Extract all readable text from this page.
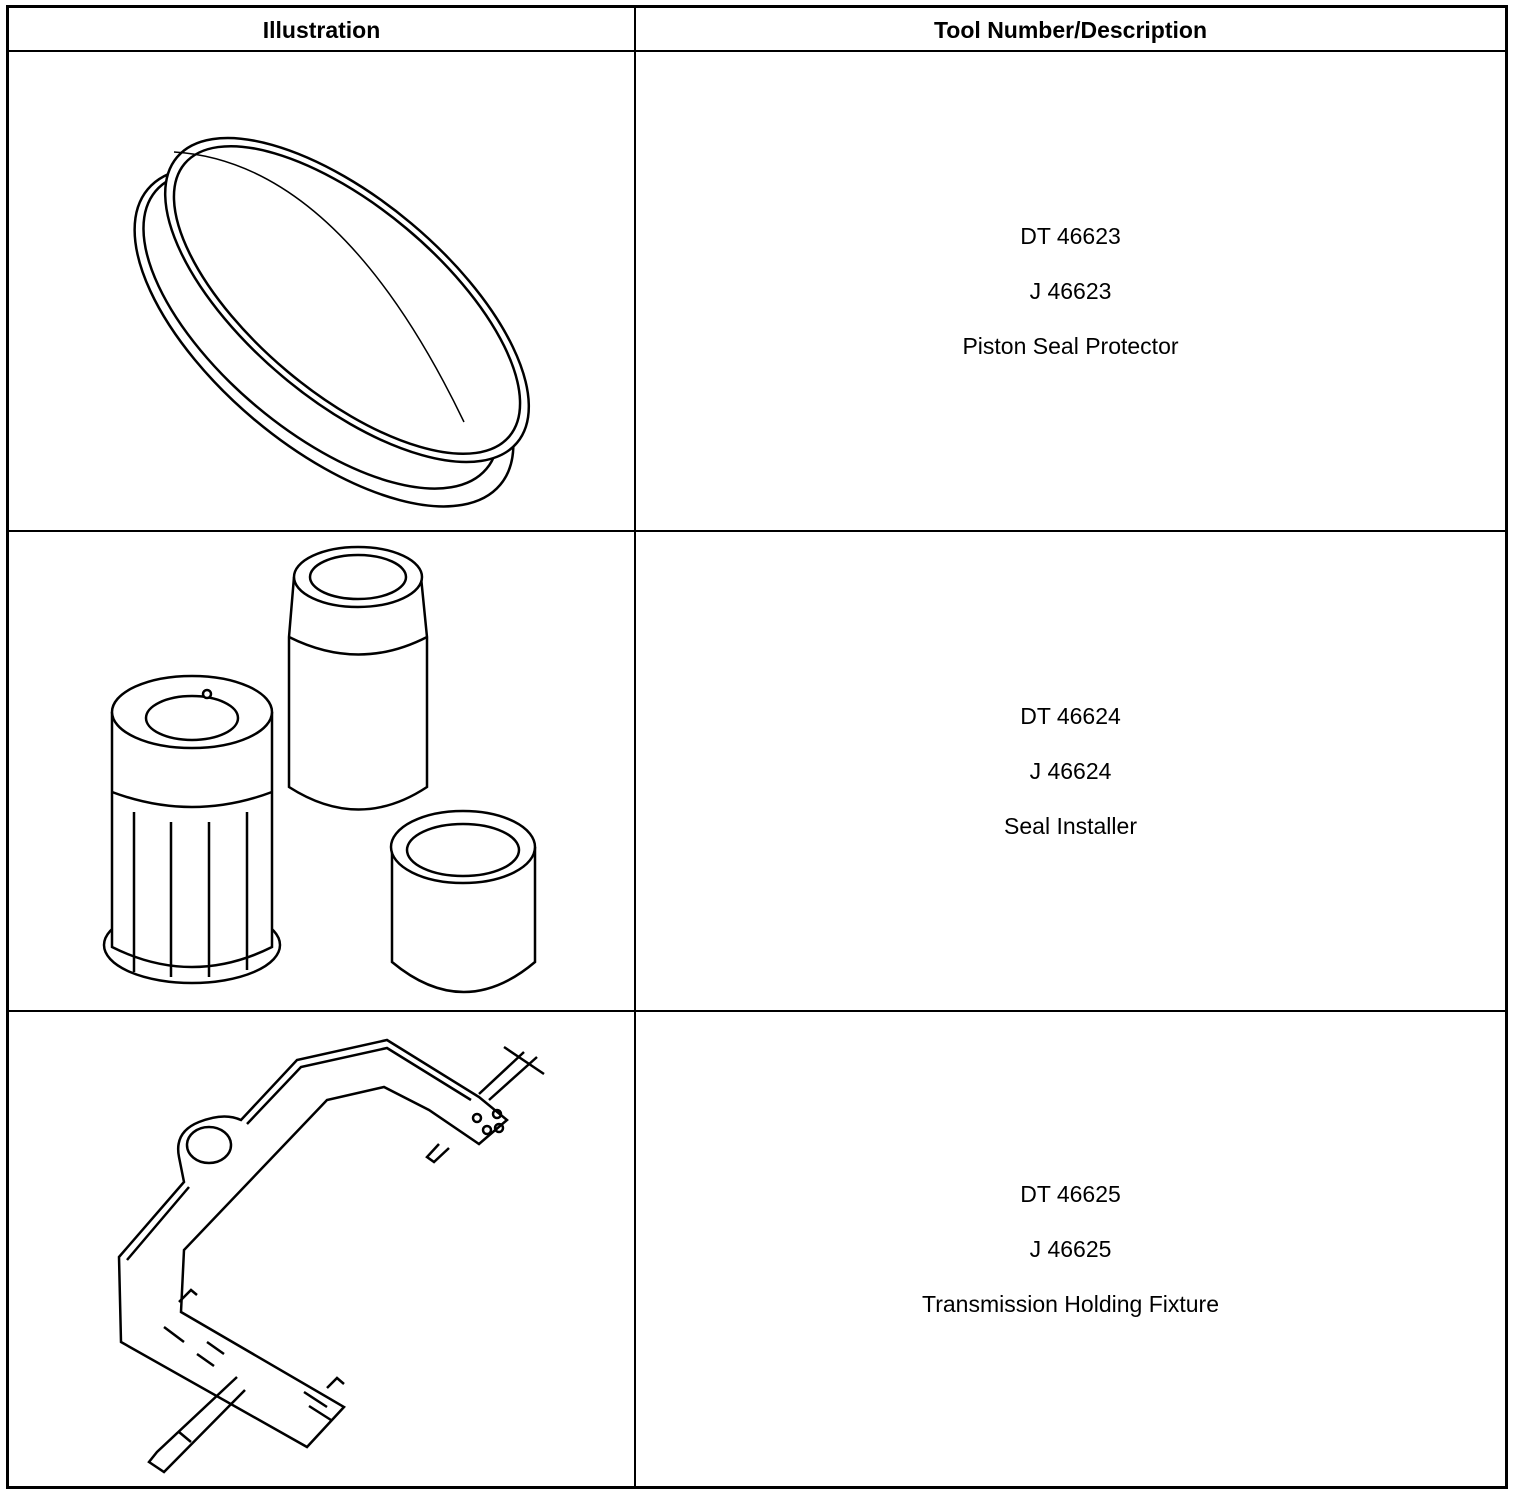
Illustration	Tool Number/Description
DT 46623
J 46623
Piston Seal Protector
DT 46624
J 46624
Seal Installer
DT 46625
J 46625
Transmission Holding Fixture
